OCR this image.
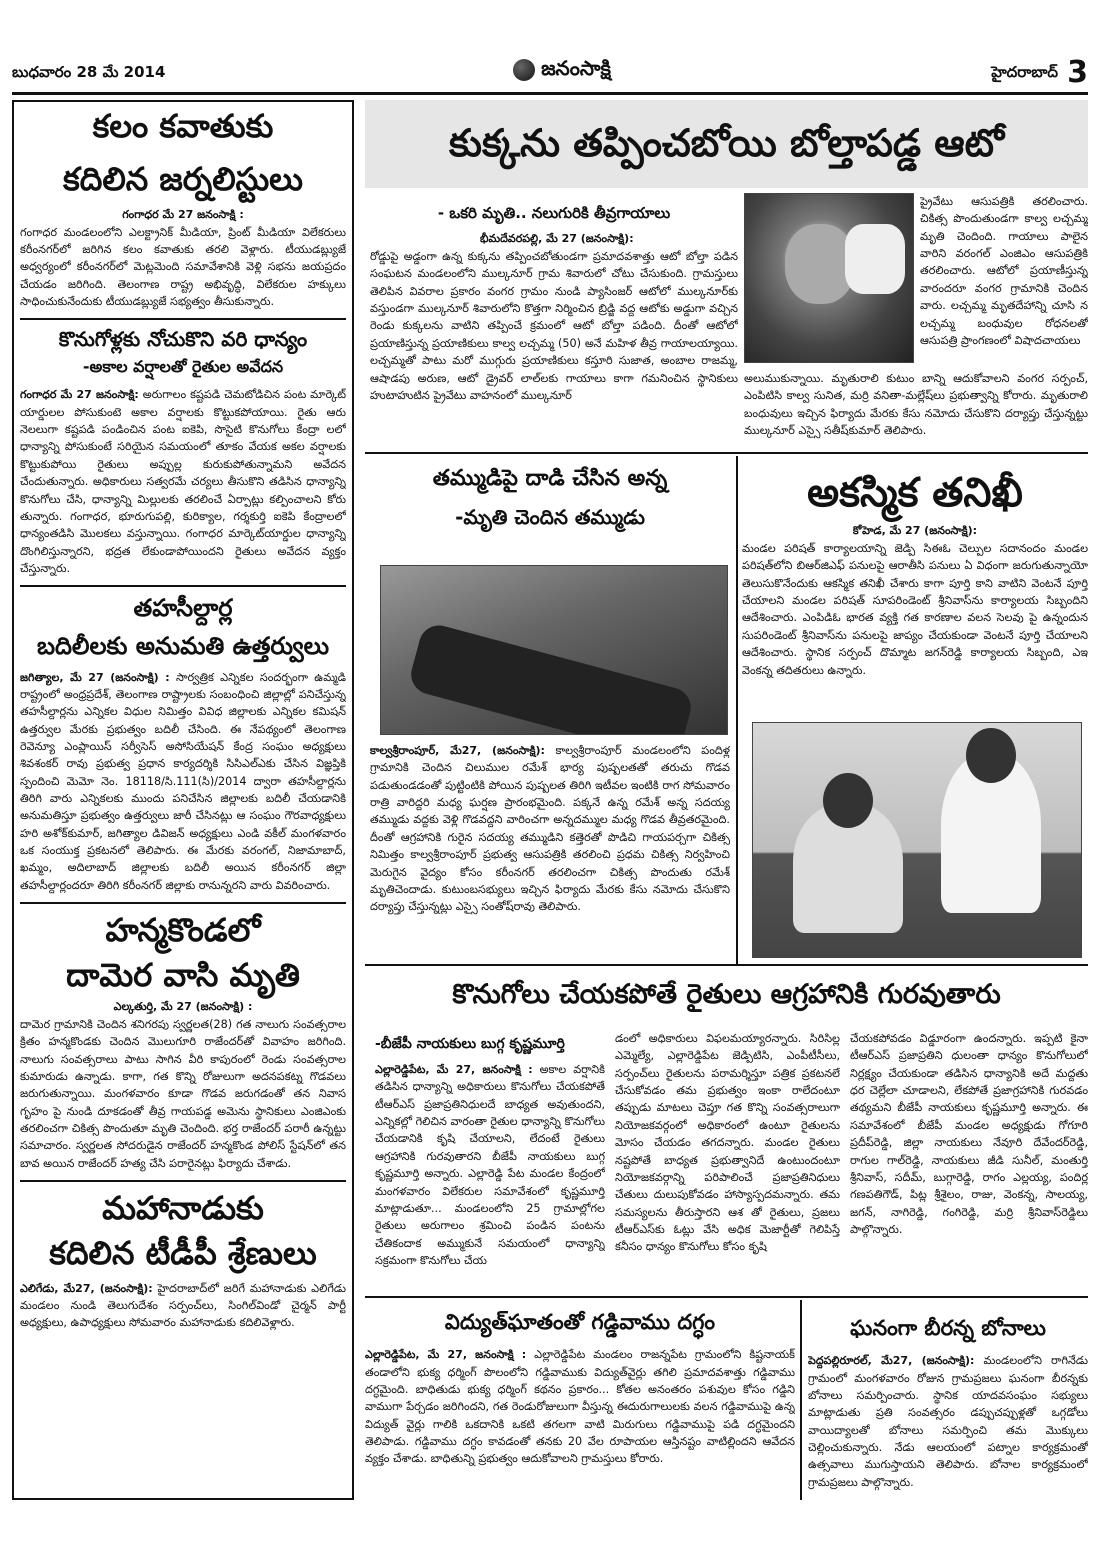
బుధవారం 28 మే 2014	జనంసాక్షి	హైదరాబాద్ 3
కలం కవాతుకు
కదిలిన జర్నలిస్టులు
గంగాధర మే 27 జనంసాక్షి :
గంగాధర మండలంలోని ఎలక్ట్రానిక్ మీడియా, ప్రింట్ మీడియా విలేకరులు కరీంనగర్‌లో జరిగిన కలం కవాతుకు తరలి వెళ్లారు. టీయుడబ్ల్యుజే అధ్వర్యంలో కరీంనగర్‌లో మెట్లమెంది సమావేశానికి వెళ్లి సభను జయప్రదం చేయడం జరిగింది. తెలంగాణ రాష్ట్ర అభివృద్ధి, విలేకరుల హక్కులు సాధించుకునేందుకు టీయుడబ్ల్యుజే సభ్యత్వం తీసుకున్నారు.
కొనుగోళ్లకు నోచుకొని వరి ధాన్యం
-అకాల వర్షాలతో రైతుల అవేదన
గంగాధర మే 27 జనంసాక్షి: అరుగాలం కష్టపడి చెమటోడిచిన పంట మార్కెట్ యార్డులల పోసుకుంటె అకాల వర్షాలకు కొట్టుకపోయాయి. రైతు ఆరు నెలలుగా కష్టపడి పండించిన పంట ఐకెపి, సొసైటి కొనుగోలు కేంద్రా లలో ధాన్యాన్ని పోసుకుంటే సరియైన సమయంలో తూకం వేయక అకల వర్షాలకు కొట్టుకుపోయి రైతులు అప్పుల్ల కురుకుపోతున్నామని అవేదన చేందుతున్నారు. అధికారులు సత్వరమే చర్యలు తీసుకొని తడిసిన ధాన్యాన్ని కొనుగోలు చేసి, ధాన్యాన్ని మిల్లులకు తరలించే ఏర్పాట్లు కల్పించాలని కోరు తున్నారు. గంగాధర, భూరుగుపల్లి, కురిక్యాల, గర్శకుర్తి ఐకెపి కేంద్రాలలో ధాన్యంతడిసి మొలకలు వస్తున్నాయి. గంగాధర మార్కెట్‌యార్డుల ధాన్యాన్ని దొంగిలిస్తున్నారని, భద్రత లేకుండాపోయిందని రైతులు అవేదన వ్యక్తం చేస్తున్నారు.
తహసీల్దార్ల
బదిలీలకు అనుమతి ఉత్తర్వులు
జగిత్యాల, మే 27 (జనంసాక్షి) : సార్వత్రిక ఎన్నికల సందర్భంగా ఉమ్మడి రాష్ట్రంలో అంధ్రప్రదేశ్, తెలంగాణ రాష్ట్రాలకు సంబంధించి జిల్లాల్లో పనిచేస్తున్న తహసీల్దార్లను ఎన్నికల విధుల నిమిత్తం వివిధ జిల్లాలకు ఎన్నికల కమిషన్ ఉత్తర్వుల మేరకు ప్రభుత్వం బదిలీ చేసింది. ఈ నేపథ్యంలో తెలంగాణ రెవెన్యూ ఎంప్లాయిస్ సర్వీసెస్ అసోసియేషన్ కేంద్ర సంఘం అధ్యక్షులు శివశంకర్ రావు ప్రభుత్వ ప్రధాన కార్యదర్శికి సిసిఎల్ఎకు చేసిన విజ్ఞప్తికి స్పందించి మెమో నెం. 18118/సి.111(సి)/2014 ద్వారా తహసీల్దార్లను తిరిగి వారు ఎన్నికలకు ముందు పనిచేసిన జిల్లాలకు బదిలీ చేయడానికి అనుమతిస్తూ ప్రభుత్వం ఉత్తర్వులు జారీ చేసినట్లు ఆ సంఘం గౌరవాధ్యక్షులు హరి అశోక్‌కుమార్, జగిత్యాల డివిజన్ అధ్యక్షులు ఎండి వకీల్ మంగళవారం ఒక సంయుక్త ప్రకటనలో తెలిపారు. ఈ మేరకు వరంగల్, నిజామాబాద్, ఖమ్మం, అదిలాబాద్ జిల్లాలకు బదిలీ అయిన కరీంనగర్ జిల్లా తహసీల్దార్లందరూ తిరిగి కరీంనగర్ జిల్లాకు రానున్నరని వారు వివరించారు.
హన్మకొండలో
దామెర వాసి మృతి
ఎల్కతుర్తి, మే 27 (జనంసాక్షి) :
దామెర గ్రామానికి చెందిన శనిగరపు స్వర్ణలత(28) గత నాలుగు సంవత్సరాల క్రితం హన్మకొండకు చెందిన మొలుగూరి రాజేందర్‌తో వివాహం జరిగింది. నాలుగు సంవత్సరాలు పాటు సాగిన వీరి కాపురంలో రెండు సంవత్సరాల కుమారుడు ఉన్నాడు. కాగా, గత కొన్ని రోజులుగా అదనపకట్న గొడవలు జరుగుతున్నాయి. మంగళవారం కూడా గొడవ జరుగడంతో తన నివాస గృహం పై నుండి దూకడంతో తీవ్ర గాయపడ్డ అమెను స్థానికులు ఎంజిఎంకు తరలించగా చికిత్స పొందుతూ మృతి చెందింది. భర్త రాజేందర్ పరారీ ఉన్నట్టు సమాచారం. స్వర్ణలత సోదరుడైన రాజేందర్ హన్మకొండ పోలిస్ స్టేషన్‌లో తన బావ అయిన రాజేందర్ హత్య చేసి పరారైనట్లు ఫిర్యాదు చేశాడు.
మహానాడుకు
కదిలిన టీడీపీ శ్రేణులు
ఎలిగేడు, మే27, (జనంసాక్షి): హైదరాబాద్‌లో జరిగే మహానాడుకు ఎలిగేడు మండలం నుండి తెలుగుదేశం సర్పంచ్‌లు, సింగిల్‌విండో చైర్మన్ పార్టీ అధ్యక్షులు, ఉపాధ్యక్షులు సోమవారం మహానాడుకు కదిలివెళ్లారు.
కుక్కను తప్పించబోయి బోల్తాపడ్డ ఆటో
- ఒకరి మృతి.. నలుగురికి తీవ్రగాయాలు
భీమదేవరపల్లి, మే 27 (జనంసాక్షి):
రోడ్డుపై అడ్డంగా ఉన్న కుక్కను తప్పించబోతుండగా ప్రమాదవశాత్తు ఆటో బోల్తా పడిన సంఘటన మండలంలోని ముల్కనూర్ గ్రామ శివారులో చోటు చేసుకుంది. గ్రామస్తులు తెలిపిన వివరాల ప్రకారం వంగర గ్రామం నుండి ప్యాసింజర్ ఆటోలో ముల్కనూర్‌కు వస్తుండగా ముల్కనూర్ శివారులోని కొత్తగా నిర్మించిన బ్రిడ్జి వద్ద ఆటోకు అడ్డుగా వచ్చిన రెండు కుక్కలను వాటిని తప్పించే క్రమంలో ఆటో బోల్తా పడింది. దీంతో ఆటోలో ప్రయాణిస్తున్న ప్రయాణికులు కాల్వ లచ్చమ్మ (50) అనే మహిళ తీవ్ర గాయాలయ్యాయి. లచ్చమ్మతో పాటు మరో ముగ్గురు ప్రయాణికులు కస్తూరి సుజాత, అంబాల రాజమ్మ, ఆషాడపు అరుణ, ఆటో డ్రైవర్ లాల్‌లకు గాయాలు కాగా గమనించిన స్థానికులు హుటాహుటిన ప్రైవేటు వాహనంలో ముల్కనూర్
ప్రైవేటు ఆసుపత్రికి తరలించారు. చికిత్స పొందుతుండగా కాల్వ లచ్చమ్మ మృతి చెందింది. గాయాలు పాలైన వారిని వరంగల్ ఎంజిఎం ఆసుపత్రికి తరలించారు. ఆటోలో ప్రయాణీస్తున్న వారందరూ వంగర గ్రామానికి చెందిన వారు. లచ్చమ్మ మృతదేహాన్ని చూసి న లచ్చమ్మ బంధువుల రోధనలతో ఆసుపత్రి ప్రాంగణంలో విషాదచాయలు
అలుముకున్నాయి. మృతురాలి కుటుం బాన్ని ఆదుకోవాలని వంగర సర్పంచ్, ఎంపిటిసి కాల్వ సునిత, మర్రి వనితా-మల్లేష్‌లు ప్రభుత్వాన్ని కోరారు. మృతురాలి బంధువులు ఇచ్చిన ఫిర్యాదు మేరకు కేసు నమోదు చేసుకొని దర్యాప్తు చేస్తున్నట్టు ముల్కనూర్ ఎస్సై సతీష్‌కుమార్ తెలిపారు.
తమ్ముడిపై దాడి చేసిన అన్న
-మృతి చెందిన తమ్ముడు
కాల్వశ్రీరాంపూర్, మే27, (జనంసాక్షి): కాల్వశ్రీరాంపూర్ మండలంలోని పందిళ్ల గ్రామానికి చెందిన చిలుముల రమేశ్ భార్య పుష్పలతతో తరుచు గొడవ పడుతుండడంతో పుట్టింటికి పోయిన పుష్పలత తిరిగి ఇటీవల ఇంటికి రాగ సోమవారం రాత్రి వారిద్దరి మధ్య ఘర్షణ ప్రారంభమైంది. పక్కనే ఉన్న రమేశ్ అన్న సదయ్య తమ్ముడు వద్దకు వెళ్లి గొడవద్దని వారించగా అన్నదమ్ముల మధ్య గొడవ తీవ్రతరమైంది. దీంతో ఆగ్రహానికి గురైన సదయ్య తమ్ముడిని కత్తెరతో పొడిచి గాయపర్చగా చికిత్స నిమిత్తం కాల్వశ్రీరాంపూర్ ప్రభుత్వ ఆసుపత్రికి తరలించి ప్రధమ చికిత్స నిర్వహించి మెరుగైన వైద్యం కోసం కరీంనగర్ తరలించగా చికిత్స పొందుతు రమేశ్ మృతిచెందాడు. కుటుంబసభ్యులు ఇచ్చిన ఫిర్యాదు మేరకు కేసు నమోదు చేసుకొని దర్యాప్తు చేస్తున్నట్లు ఎస్సై సంతోష్‌రావు తెలిపారు.
అకస్మిక తనిఖీ
కోహెడ, మే 27 (జనంసాక్షి):
మండల పరిషత్ కార్యాలయాన్ని జెడ్పి సిఈఓ చెల్పుల సదానందం మండల పరిషత్‌లోని బిఆర్‌జిఎఫ్ పనులపై ఆరాతీసి పనులు ఏ విధంగా జరుగుతున్నాయో తెలుసుకొనేందుకు ఆకస్మిక తనిఖీ చేశారు కాగా పూర్తి కాని వాటిని వెంటనే పూర్తి చేయాలని మండల పరిషత్ సూపరిండెంట్ శ్రీనివాస్‌ను కార్యాలయ సిబ్బందిని ఆదేశించారు. ఎంపిడిఓ భారత వ్యక్తి గత కారణాల వలన సెలవు పై ఉన్నందున సుపరిండెంట్ శ్రీనివాస్‌ను పనులపై జాప్యం చేయకుండా వెంటనే పూర్తి చేయాలని ఆదేశించారు. స్థానిక సర్పంచ్ దొమ్మాట జగన్‌రెడ్డి కార్యాలయ సిబ్బంది, ఎఇ వెంకన్న తదితరులు ఉన్నారు.
కొనుగోలు చేయకపోతే రైతులు ఆగ్రహానికి గురవుతారు
-బీజేపీ నాయకులు బుగ్గ కృష్ణమూర్తి
ఎల్లారెడ్డిపేట, మే 27, జనంసాక్షి : అకాల వర్షానికి తడిసిన ధాన్యాన్ని అధికారులు కొనుగోలు చేయకపోతే టీఆర్‌ఎస్ ప్రజాప్రతినిధులదే బాధ్యత అవుతుందని, ఎన్నికల్లో గెలిచిన వారంతా రైతుల ధాన్యాన్ని కొనుగోలు చేయడానికి కృషి చేయాలని, లేదంటే రైతులు ఆగ్రహానికి గురవుతారని బీజేపీ నాయకులు బుగ్గ కృష్ణమూర్తి అన్నారు. ఎల్లారెడ్డి పేట మండల కేంద్రంలో మంగళవారం విలేకరుల సమావేశంలో కృష్ణమూర్తి మాట్లాడుతూ... మండలంలోని 25 గ్రామాల్లోగల రైతులు అరుగాలం శ్రమించి పండిన పంటను చేతికందాక అమ్ముకునే సమయంలో ధాన్యాన్ని సక్రమంగా కొనుగోలు చేయ
డంలో అధికారులు విఫలమయ్యారన్నారు. సిరిసిల్ల ఎమ్మెల్యే, ఎల్లారెడ్డిపేట జెడ్పిటిసి, ఎంపీటీసీలు, సర్పంచ్‌లు రైతులను పరామర్శిస్తూ పత్రిక ప్రకటనలే చేసుకోవడం తమ ప్రభుత్వం ఇంకా రాలేదంటూ తప్పుడు మాటలు చెప్తూ గత కొన్ని సంవత్సరాలుగా నియోజకవర్గంలో అధికారంలో ఉంటూ రైతులను మోసం చేయడం తగదన్నారు. మండల రైతులు నష్టపోతే బాధ్యత ప్రభుత్వానిదే ఉంటుందంటూ నియోజకవర్గాన్ని పరిపాలించే ప్రజాప్రతినిధులు చేతులు దులుపుకోవడం హాస్యాస్పదమన్నారు. తమ సమస్యలను తీరుస్తారని ఆశ తో రైతులు, ప్రజలు టీఆర్‌ఎస్‌కు ఓట్లు వేసి అధిక మెజార్టీతో గెలిపిస్తే కనీసం ధాన్యం కొనుగోలు కోసం కృషి
చేయకపోవడం విడ్డూరంగా ఉందన్నారు. ఇప్పటి కైనా టీఆర్‌ఎస్ ప్రజాప్రతిని ధులంతా ధాన్యం కొనుగోలులో నిర్లక్ష్యం చేయకుండా తడిసిన ధాన్యానికి అదే మద్దతు ధర చెల్లేలా చూడాలని, లేకపోతే ప్రజాగ్రహానికి గురవడం తథ్యమని బీజేపీ నాయకులు కృష్ణమూర్తి అన్నారు. ఈ సమావేశంలో బీజేపీ మండల అధ్యక్షుడు గోగూరి ప్రదీప్‌రెడ్డి, జిల్లా నాయకులు నేవూరి దేవేందర్‌రెడ్డి, రాగుల గాల్‌రెడ్డి, నాయకులు జీడి సునీల్, మంతుర్తి శ్రీనివాస్, సదీమ్, బుగ్గారెడ్డి, రాగం ఎల్లయ్య, పందిర్ల గణపతిగౌడ్, పిట్ల శ్రీశైలం, రాజు, వెంకన్న, సాలయ్య, జగన్, నాగిరెడ్డి, గంగిరెడ్డి, మర్రి శ్రీనివాస్‌రెడ్డిలు పాల్గొన్నారు.
విద్యుత్‌ఘాతంతో గడ్డివాము దగ్ధం
ఎల్లారెడ్డిపేట, మే 27, జనంసాక్షి : ఎల్లారెడ్డిపేట మండలం రాజన్నపేట గ్రామంలోని కిష్టనాయక్ తండాలోని భుక్య ధర్మింగ్ పొలంలోని గడ్డివాముకు విద్యుత్‌వైర్లు తగిలి ప్రమాదవశాత్తు గడ్డివాము దగ్ధమైంది. బాధితుడు భుక్య ధర్మింగ్ కథనం ప్రకారం... కోతల అనంతరం పశువుల కోసం గడ్డిని వాముగా పేర్చడం జరిగిందని, గత రెండురోజులుగా వీస్తున్న ఈదురుగాలులకు వలన గడ్డివాముపై ఉన్న విద్యుత్ వైర్లు గాలికి ఒకదానికి ఒకటి తగలగా వాటి మిరుగులు గడ్డివాముపై పడి దగ్ధమైందని తెలిపాడు. గడ్డివాము దగ్ధం కావడంతో తనకు 20 వేల రూపాయల ఆస్తినష్టం వాటిల్లిందని ఆవేదన వ్యక్తం చేశాడు. బాధితున్ని ప్రభుత్వం ఆదుకోవాలని గ్రామస్తులు కోరారు.
ఘనంగా బీరన్న బోనాలు
పెద్దపల్లిరూరల్, మే27, (జనంసాక్షి): మండలంలోని రాగినేడు గ్రామంలో మంగళవారం రోజున గ్రామప్రజలు ఘనంగా బీరన్నకు బోనాలు సమర్పించారు. స్థానిక యాదవసంఘం సభ్యులు మాట్లాడుతు ప్రతి సంవత్సరం డప్పుచప్పుళ్లతో ఒగ్గడోలు వాయిద్యాలతో బోనాలు సమర్పించి తమ మొక్కులు చెల్లించుకున్నారు. నేడు ఆలయంలో పట్నాల కార్యక్రమంతో ఉత్సవాలు ముగుస్తాయని తెలిపారు. బోనాల కార్యక్రమంలో గ్రామప్రజలు పాల్గొన్నారు.
